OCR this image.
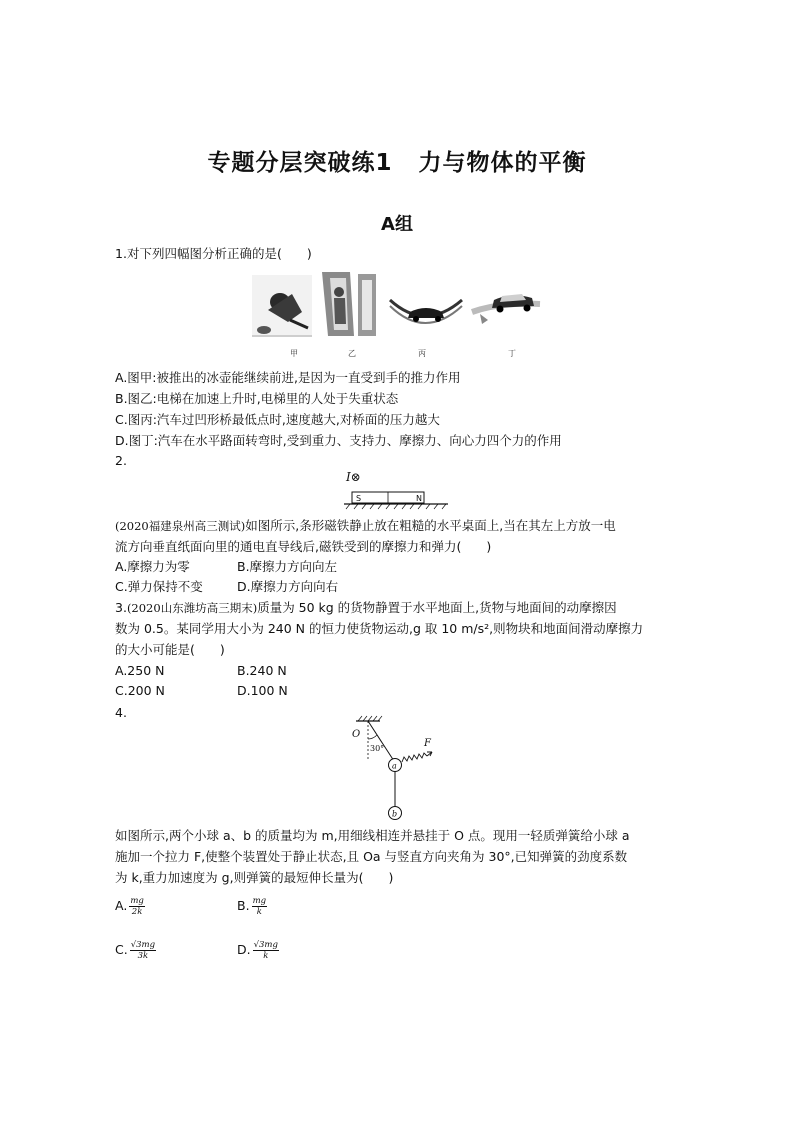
专题分层突破练1 力与物体的平衡
A组
1.对下列四幅图分析正确的是(　　)
甲	乙	丙	丁
A.图甲:被推出的冰壶能继续前进,是因为一直受到手的推力作用
B.图乙:电梯在加速上升时,电梯里的人处于失重状态
C.图丙:汽车过凹形桥最低点时,速度越大,对桥面的压力越大
D.图丁:汽车在水平路面转弯时,受到重力、支持力、摩擦力、向心力四个力的作用
2.
I⊗
S	N
(2020福建泉州高三测试)如图所示,条形磁铁静止放在粗糙的水平桌面上,当在其左上方放一电
流方向垂直纸面向里的通电直导线后,磁铁受到的摩擦力和弹力(　　)
A.摩擦力为零	B.摩擦力方向向左
C.弹力保持不变	D.摩擦力方向向右
3.(2020山东潍坊高三期末)质量为 50 kg 的货物静置于水平地面上,货物与地面间的动摩擦因
数为 0.5。某同学用大小为 240 N 的恒力使货物运动,g 取 10 m/s²,则物块和地面间滑动摩擦力
的大小可能是(　　)
A.250 N	B.240 N
C.200 N	D.100 N
4.
O
30°	F
a
b
如图所示,两个小球 a、b 的质量均为 m,用细线相连并悬挂于 O 点。现用一轻质弹簧给小球 a
施加一个拉力 F,使整个装置处于静止状态,且 Oa 与竖直方向夹角为 30°,已知弹簧的劲度系数
为 k,重力加速度为 g,则弹簧的最短伸长量为(　　)
A. $\frac{mg}{2k}$	B. $\frac{mg}{k}$
C. $\frac{√3mg}{3k}$	D. $\frac{√3mg}{k}$
